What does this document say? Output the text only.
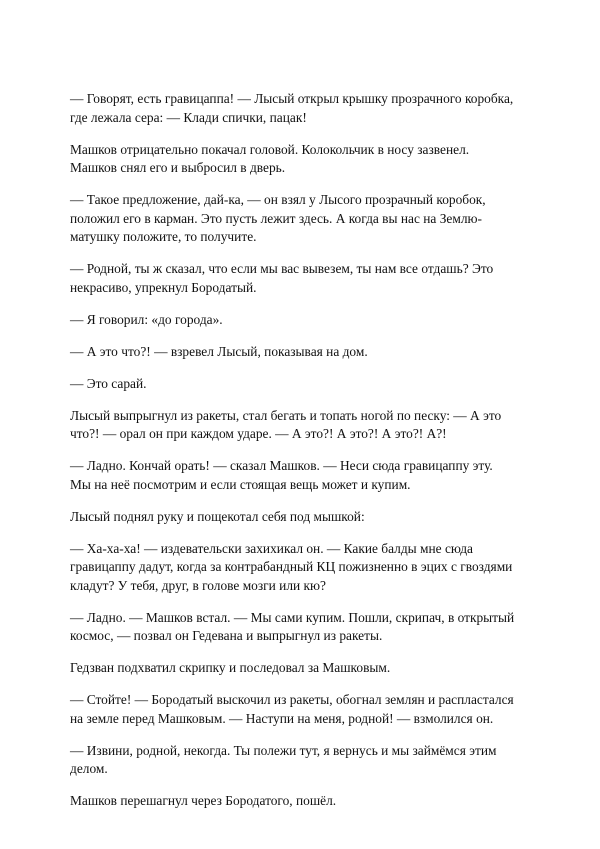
— Говорят, есть гравицаппа! — Лысый открыл крышку прозрачного коробка,
где лежала сера: — Клади спички, пацак!

Машков отрицательно покачал головой. Колокольчик в носу зазвенел.
Машков снял его и выбросил в дверь.

— Такое предложение, дай-ка, — он взял у Лысого прозрачный коробок,
положил его в карман. Это пусть лежит здесь. А когда вы нас на Землю-
матушку положите, то получите.

— Родной, ты ж сказал, что если мы вас вывезем, ты нам все отдашь? Это
некрасиво, упрекнул Бородатый.

— Я говорил: «до города».

— А это что?! — взревел Лысый, показывая на дом.

— Это сарай.

Лысый выпрыгнул из ракеты, стал бегать и топать ногой по песку: — А это
что?! — орал он при каждом ударе. — А это?! А это?! А это?! А?!

— Ладно. Кончай орать! — сказал Машков. — Неси сюда гравицаппу эту.
Мы на неё посмотрим и если стоящая вещь может и купим.

Лысый поднял руку и пощекотал себя под мышкой:

— Ха-ха-ха! — издевательски захихикал он. — Какие балды мне сюда
гравицаппу дадут, когда за контрабандный КЦ пожизненно в эцих с гвоздями
кладут? У тебя, друг, в голове мозги или кю?

— Ладно. — Машков встал. — Мы сами купим. Пошли, скрипач, в открытый
космос, — позвал он Гедевана и выпрыгнул из ракеты.

Гедзван подхватил скрипку и последовал за Машковым.

— Стойте! — Бородатый выскочил из ракеты, обогнал землян и распластался
на земле перед Машковым. — Наступи на меня, родной! — взмолился он.

— Извини, родной, некогда. Ты полежи тут, я вернусь и мы займёмся этим
делом.

Машков перешагнул через Бородатого, пошёл.
